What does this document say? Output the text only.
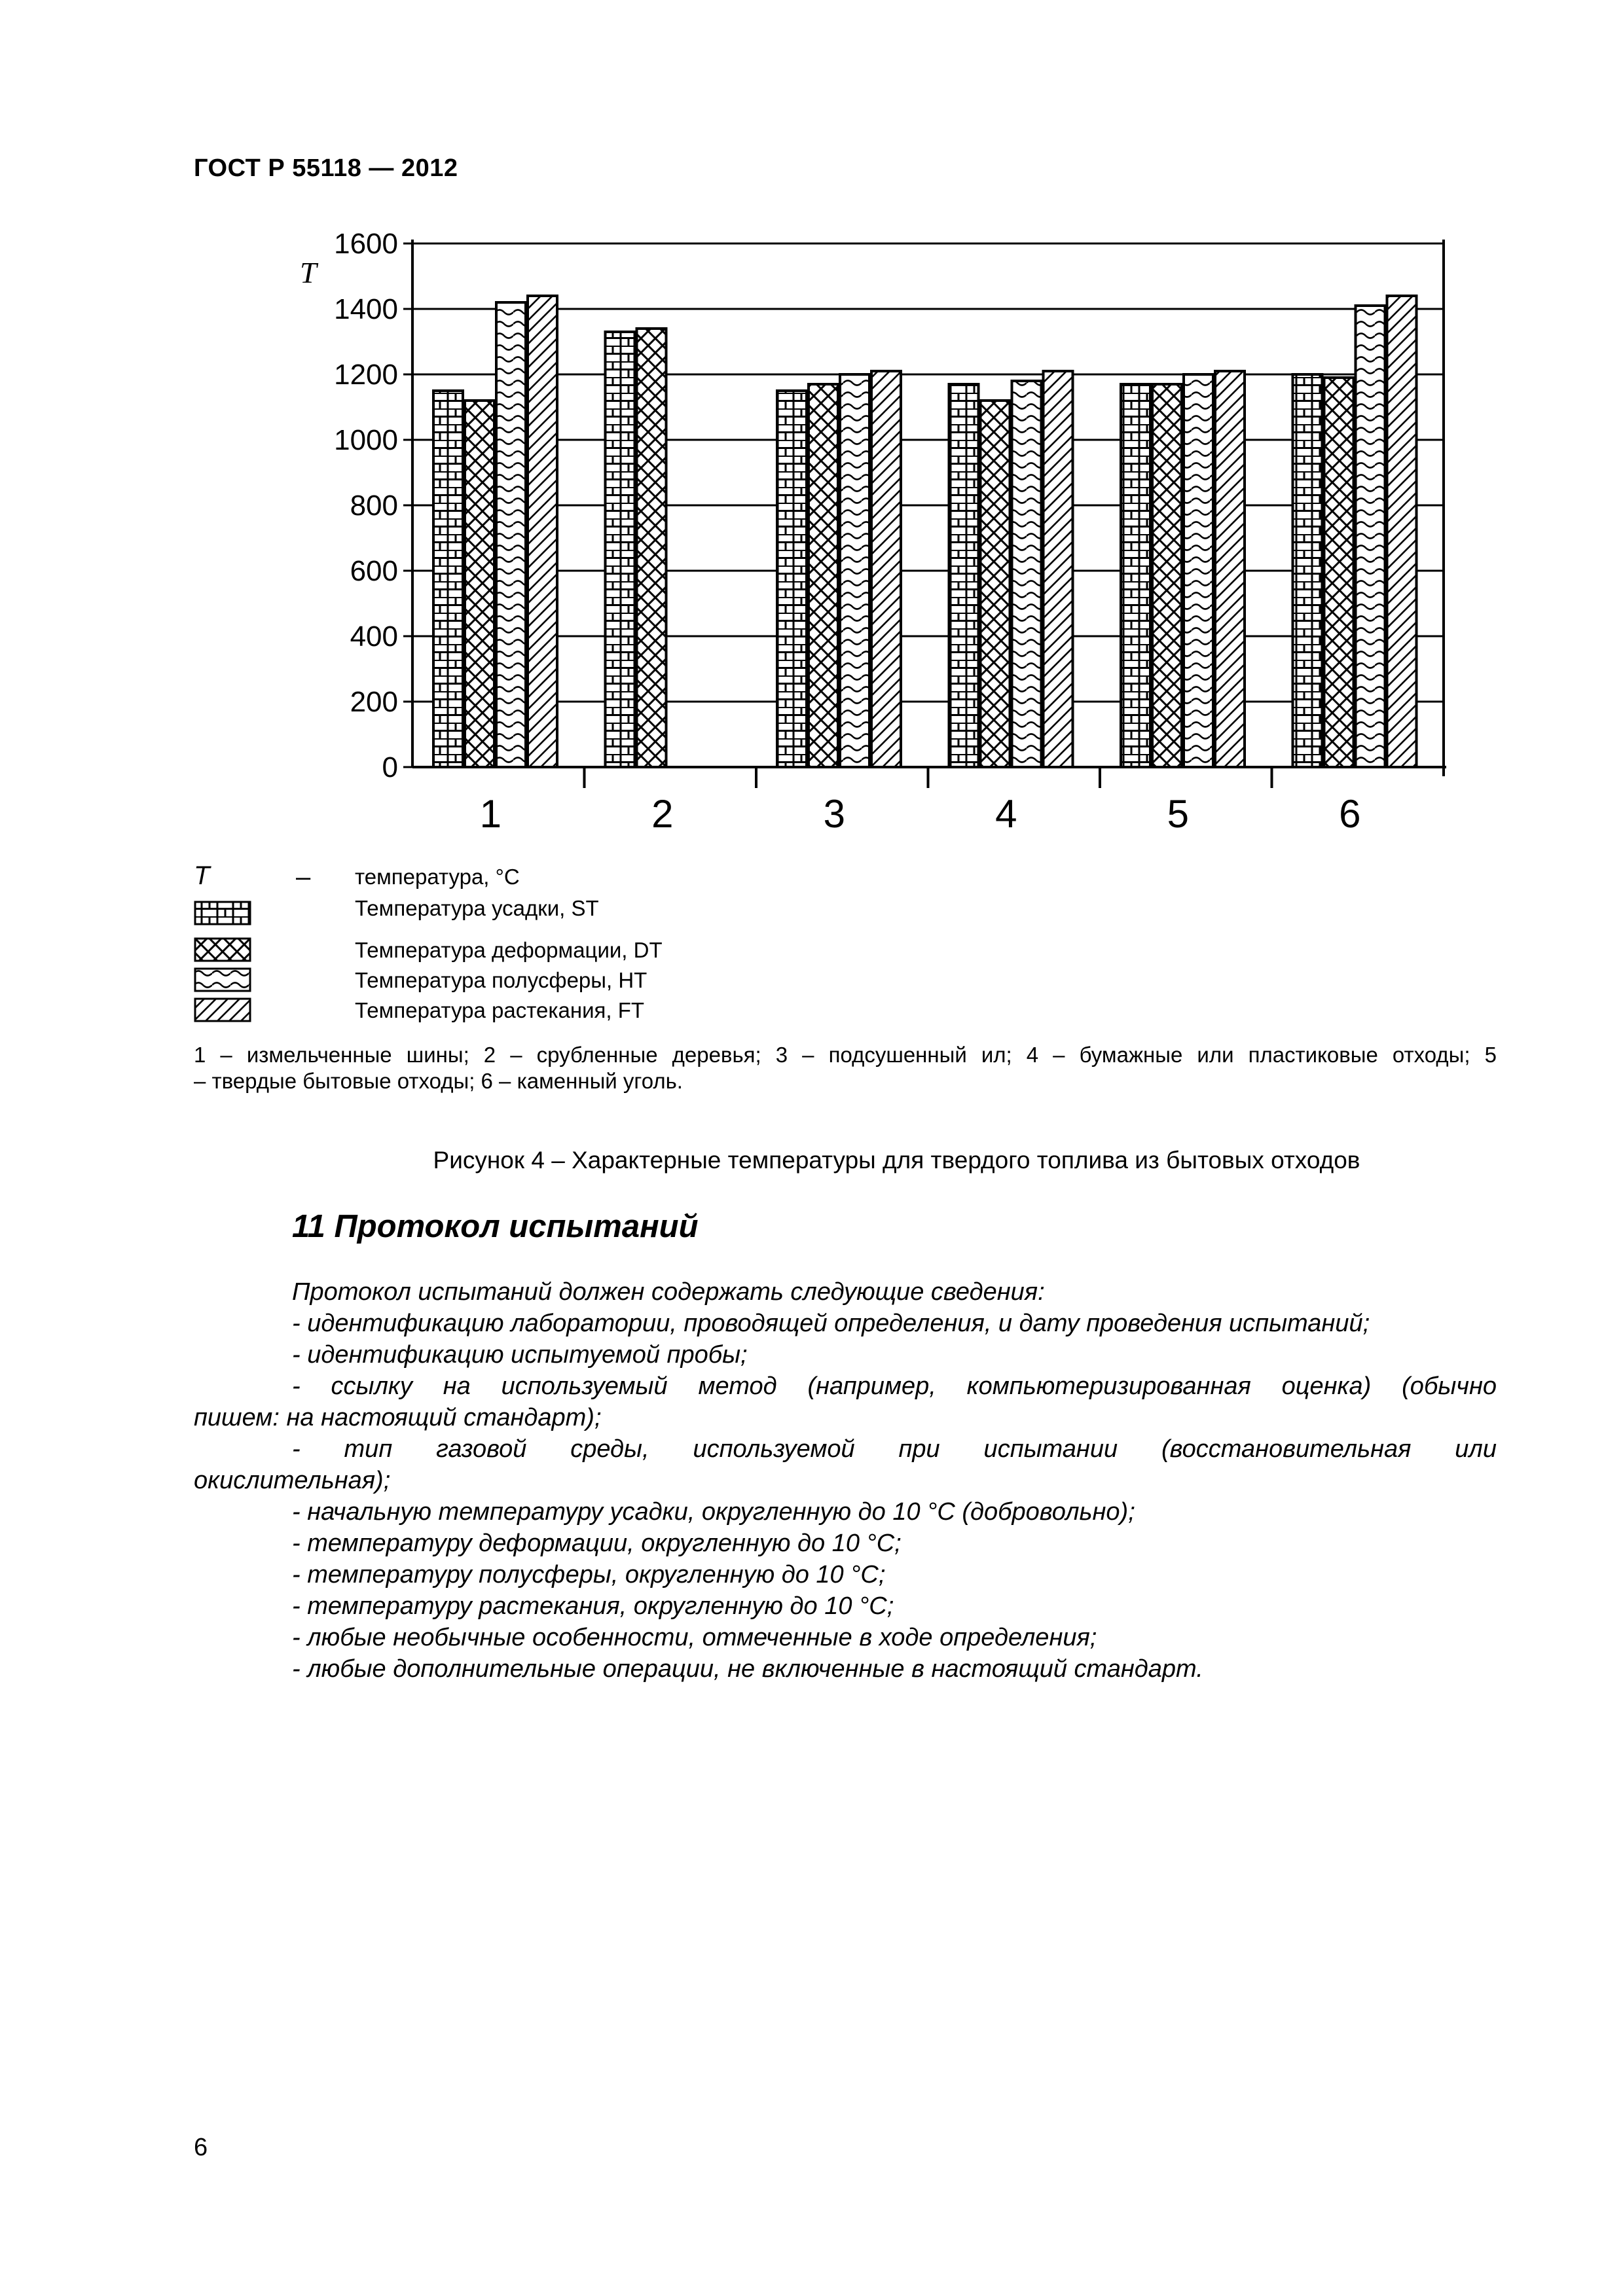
ГОСТ Р 55118 — 2012
0
200
400
600
800
1000
1200
1400
1600
T
1	2	3	4	5	6
T	– температура, °С
Температура усадки, ST
Температура деформации, DT
Температура полусферы, HT
Температура растекания, FT
1 – измельченные шины; 2 – срубленные деревья; 3 – подсушенный ил; 4 – бумажные или пластиковые отходы; 5
– твердые бытовые отходы; 6 – каменный уголь.
Рисунок 4 – Характерные температуры для твердого топлива из бытовых отходов
11 Протокол испытаний
Протокол испытаний должен содержать следующие сведения:
- идентификацию лаборатории, проводящей определения, и дату проведения испытаний;
- идентификацию испытуемой пробы;
- ссылку на используемый метод (например, компьютеризированная оценка) (обычно
пишем: на настоящий стандарт);
- тип газовой среды, используемой при испытании (восстановительная или
окислительная);
- начальную температуру усадки, округленную до 10 °С (добровольно);
- температуру деформации, округленную до 10 °С;
- температуру полусферы, округленную до 10 °С;
- температуру растекания, округленную до 10 °С;
- любые необычные особенности, отмеченные в ходе определения;
- любые дополнительные операции, не включенные в настоящий стандарт.
6
